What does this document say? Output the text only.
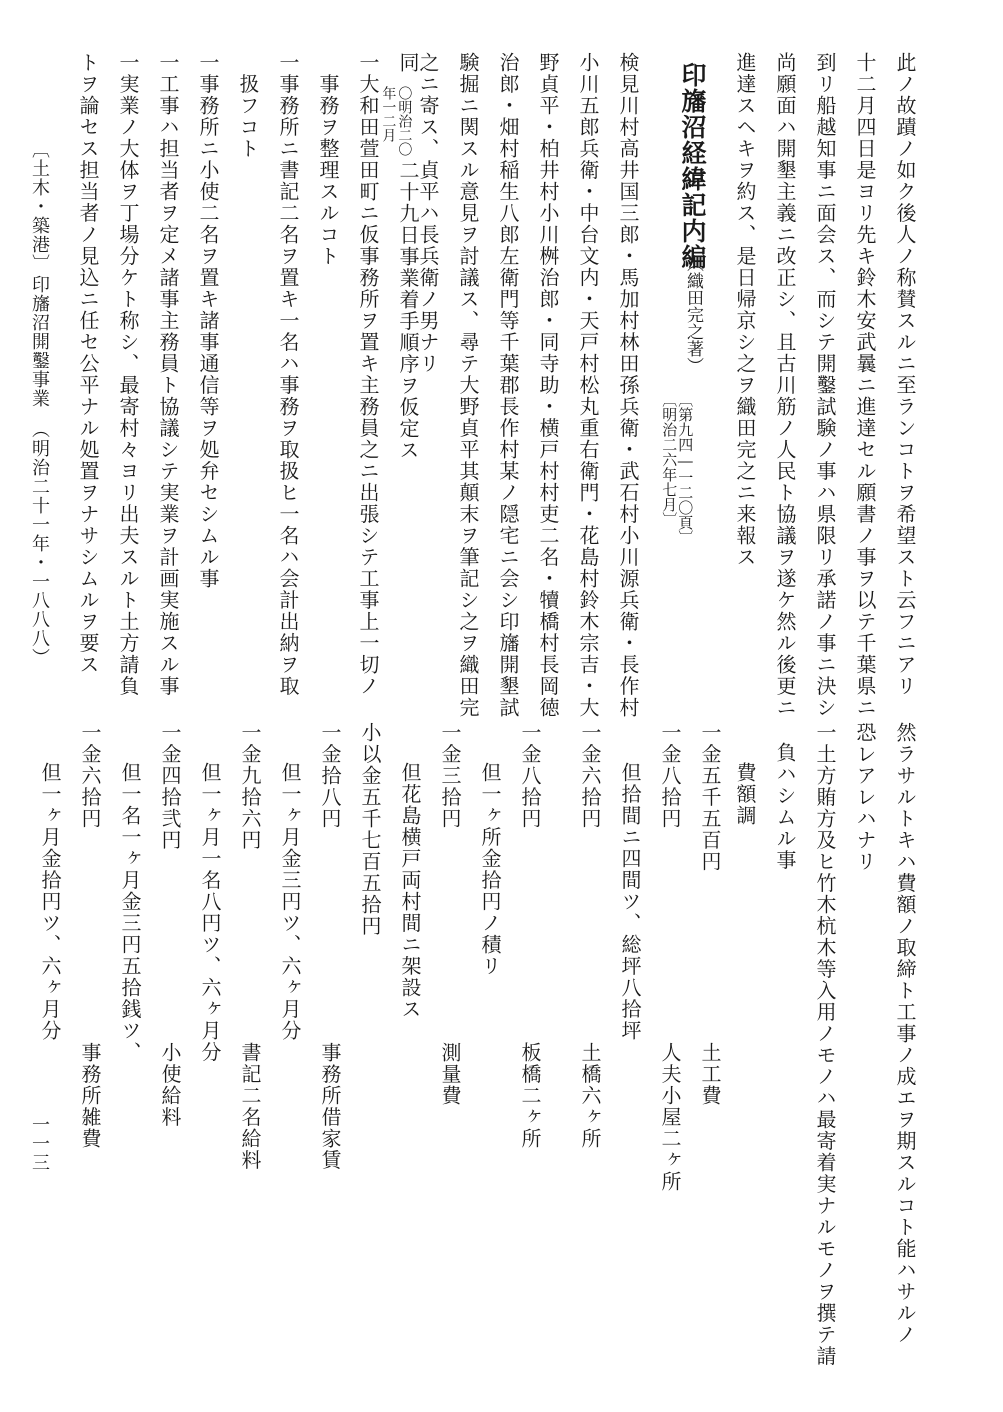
此ノ故蹟ノ如ク後人ノ称賛スルニ至ランコトヲ希望スト云フニアリ
十二月四日是ヨリ先キ鈴木安武曩ニ進達セル願書ノ事ヲ以テ千葉県ニ
到リ船越知事ニ面会ス、而シテ開鑿試験ノ事ハ県限リ承諾ノ事ニ決シ
尚願面ハ開墾主義ニ改正シ、且古川筋ノ人民ト協議ヲ遂ケ然ル後更ニ
進達スヘキヲ約ス、是日帰京シ之ヲ織田完之ニ来報ス
印旛沼経緯記内編
（織田完之著）
〔第九四―一二〇頁〕
〔明治二六年七月〕
検見川村高井国三郎・馬加村林田孫兵衛・武石村小川源兵衛・長作村
小川五郎兵衛・中台文内・天戸村松丸重右衛門・花島村鈴木宗吉・大
野貞平・柏井村小川桝治郎・同寺助・横戸村村吏二名・犢橋村長岡徳
治郎・畑村稲生八郎左衛門等千葉郡長作村某ノ隠宅ニ会シ印旛開墾試
験掘ニ関スル意見ヲ討議ス、尋テ大野貞平其顛末ヲ筆記シ之ヲ織田完
之ニ寄ス、貞平ハ長兵衛ノ男ナリ
同
〇明治二〇
年一二月
二十九日事業着手順序ヲ仮定ス
一大和田萱田町ニ仮事務所ヲ置キ主務員之ニ出張シテ工事上一切ノ
　事務ヲ整理スルコト
一事務所ニ書記二名ヲ置キ一名ハ事務ヲ取扱ヒ一名ハ会計出納ヲ取
　扱フコト
一事務所ニ小使二名ヲ置キ諸事通信等ヲ処弁セシムル事
一工事ハ担当者ヲ定メ諸事主務員ト協議シテ実業ヲ計画実施スル事
一実業ノ大体ヲ丁場分ケト称シ、最寄村々ヨリ出夫スルト土方請負
トヲ論セス担当者ノ見込ニ任セ公平ナル処置ヲナサシムルヲ要ス
然ラサルトキハ費額ノ取締ト工事ノ成エヲ期スルコト能ハサルノ
恐レアレハナリ
一土方賄方及ヒ竹木杭木等入用ノモノハ最寄着実ナルモノヲ撰テ請
負ハシムル事
費額調
一金五千五百円
土工費
一金八拾円
人夫小屋二ヶ所
但拾間ニ四間ツ、総坪八拾坪
一金六拾円
土橋六ヶ所
一金八拾円
板橋二ヶ所
但一ヶ所金拾円ノ積リ
一金三拾円
測量費
但花島横戸両村間ニ架設ス
小以金五千七百五拾円
一金拾八円
事務所借家賃
但一ヶ月金三円ツ、六ヶ月分
一金九拾六円
書記二名給料
但一ヶ月一名八円ツ、六ヶ月分
一金四拾弐円
小使給料
但一名一ヶ月金三円五拾銭ツ、
一金六拾円
事務所雑費
但一ヶ月金拾円ツ、六ヶ月分
〔土木・築港〕
印旛沼開鑿事業
（明治二十一年・一八八八）
一一三
